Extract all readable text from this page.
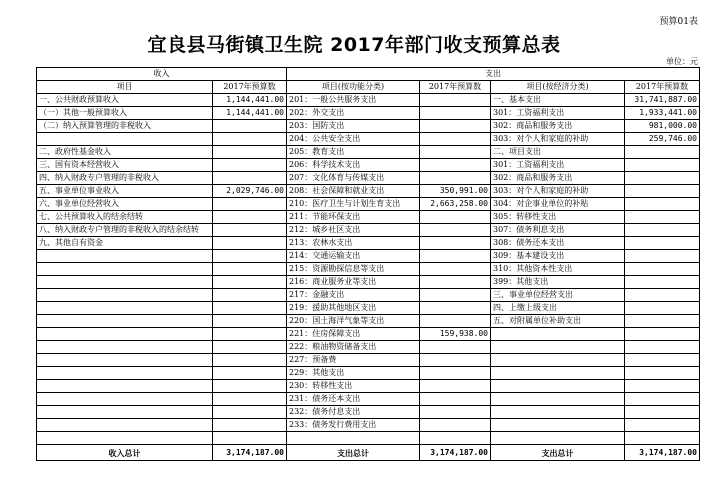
预算01表
宜良县马街镇卫生院 2017年部门收支预算总表
单位：元
收入		支出			
项目	2017年预算数	项目(按功能分类)	2017年预算数	项目(按经济分类)	2017年预算数
一、公共财政预算收入	1,144,441.00	201：一般公共服务支出		一、基本支出	31,741,887.00
（一）其他一般预算收入	1,144,441.00	202：外交支出		301：工资福利支出	1,933,441.00
（二）纳入预算管理的非税收入		203：国防支出		302：商品和服务支出	981,000.00
		204：公共安全支出		303：对个人和家庭的补助	259,746.00
二、政府性基金收入		205：教育支出		二、项目支出	
三、国有资本经营收入		206：科学技术支出		301：工资福利支出	
四、纳入财政专户管理的非税收入		207：文化体育与传媒支出		302：商品和服务支出	
五、事业单位事业收入	2,029,746.00	208：社会保障和就业支出	350,991.00	303：对个人和家庭的补助	
六、事业单位经营收入		210：医疗卫生与计划生育支出	2,663,258.00	304：对企事业单位的补贴	
七、公共预算收入的结余结转		211：节能环保支出		305：转移性支出	
八、纳入财政专户管理的非税收入的结余结转		212：城乡社区支出		307：债务利息支出	
九、其他自有资金		213：农林水支出		308：债务还本支出	
		214：交通运输支出		309：基本建设支出	
		215：资源勘探信息等支出		310：其他资本性支出	
		216：商业服务业等支出		399：其他支出	
		217：金融支出		三、事业单位经营支出	
		219：援助其他地区支出		四、上缴上级支出	
		220：国土海洋气象等支出		五、对附属单位补助支出	
		221：住房保障支出	159,938.00		
		222：粮油物资储备支出			
		227：预备费			
		229：其他支出			
		230：转移性支出			
		231：债务还本支出			
		232：债务付息支出			
		233：债务发行费用支出			

收入总计	3,174,187.00	支出总计	3,174,187.00	支出总计	3,174,187.00
